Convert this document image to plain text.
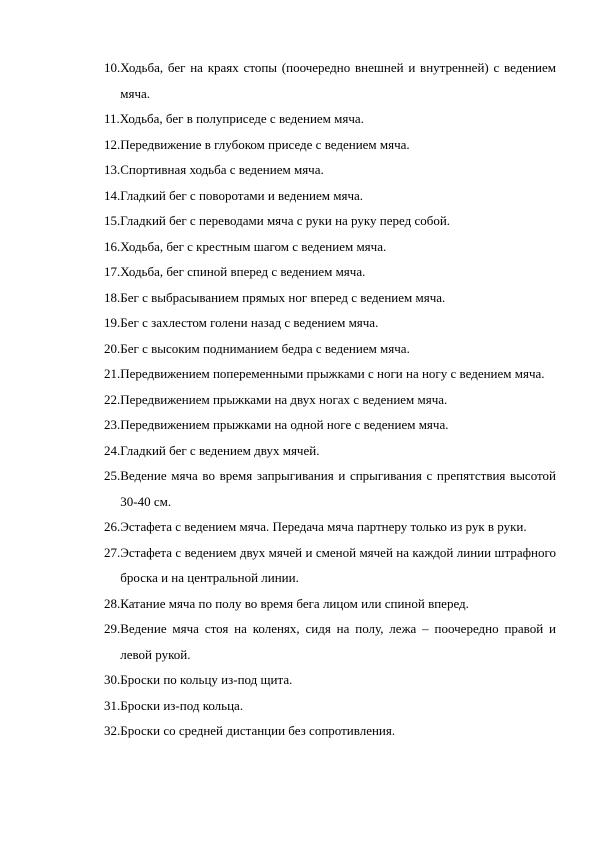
10. Ходьба, бег на краях стопы (поочередно внешней и внутренней) с ведением мяча.
11. Ходьба, бег в полуприседе с ведением мяча.
12. Передвижение в глубоком приседе с ведением мяча.
13. Спортивная ходьба с ведением мяча.
14. Гладкий бег с поворотами и ведением мяча.
15. Гладкий бег с переводами мяча с руки на руку перед собой.
16. Ходьба, бег с крестным шагом с ведением мяча.
17. Ходьба, бег спиной вперед с ведением мяча.
18. Бег с выбрасыванием прямых ног вперед с ведением мяча.
19. Бег с захлестом голени назад с ведением мяча.
20. Бег с высоким подниманием бедра с ведением мяча.
21. Передвижением попеременными прыжками с ноги на ногу с ведением мяча.
22. Передвижением прыжками на двух ногах с ведением мяча.
23. Передвижением прыжками на одной ноге с ведением мяча.
24. Гладкий бег с ведением двух мячей.
25. Ведение мяча во время запрыгивания и спрыгивания с препятствия высотой 30-40 см.
26. Эстафета с ведением мяча. Передача мяча партнеру только из рук в руки.
27. Эстафета с ведением двух мячей и сменой мячей на каждой линии штрафного броска и на центральной линии.
28. Катание мяча по полу во время бега лицом или спиной вперед.
29. Ведение мяча стоя на коленях, сидя на полу, лежа – поочередно правой и левой рукой.
30. Броски по кольцу из-под щита.
31. Броски из-под кольца.
32. Броски со средней дистанции без сопротивления.
